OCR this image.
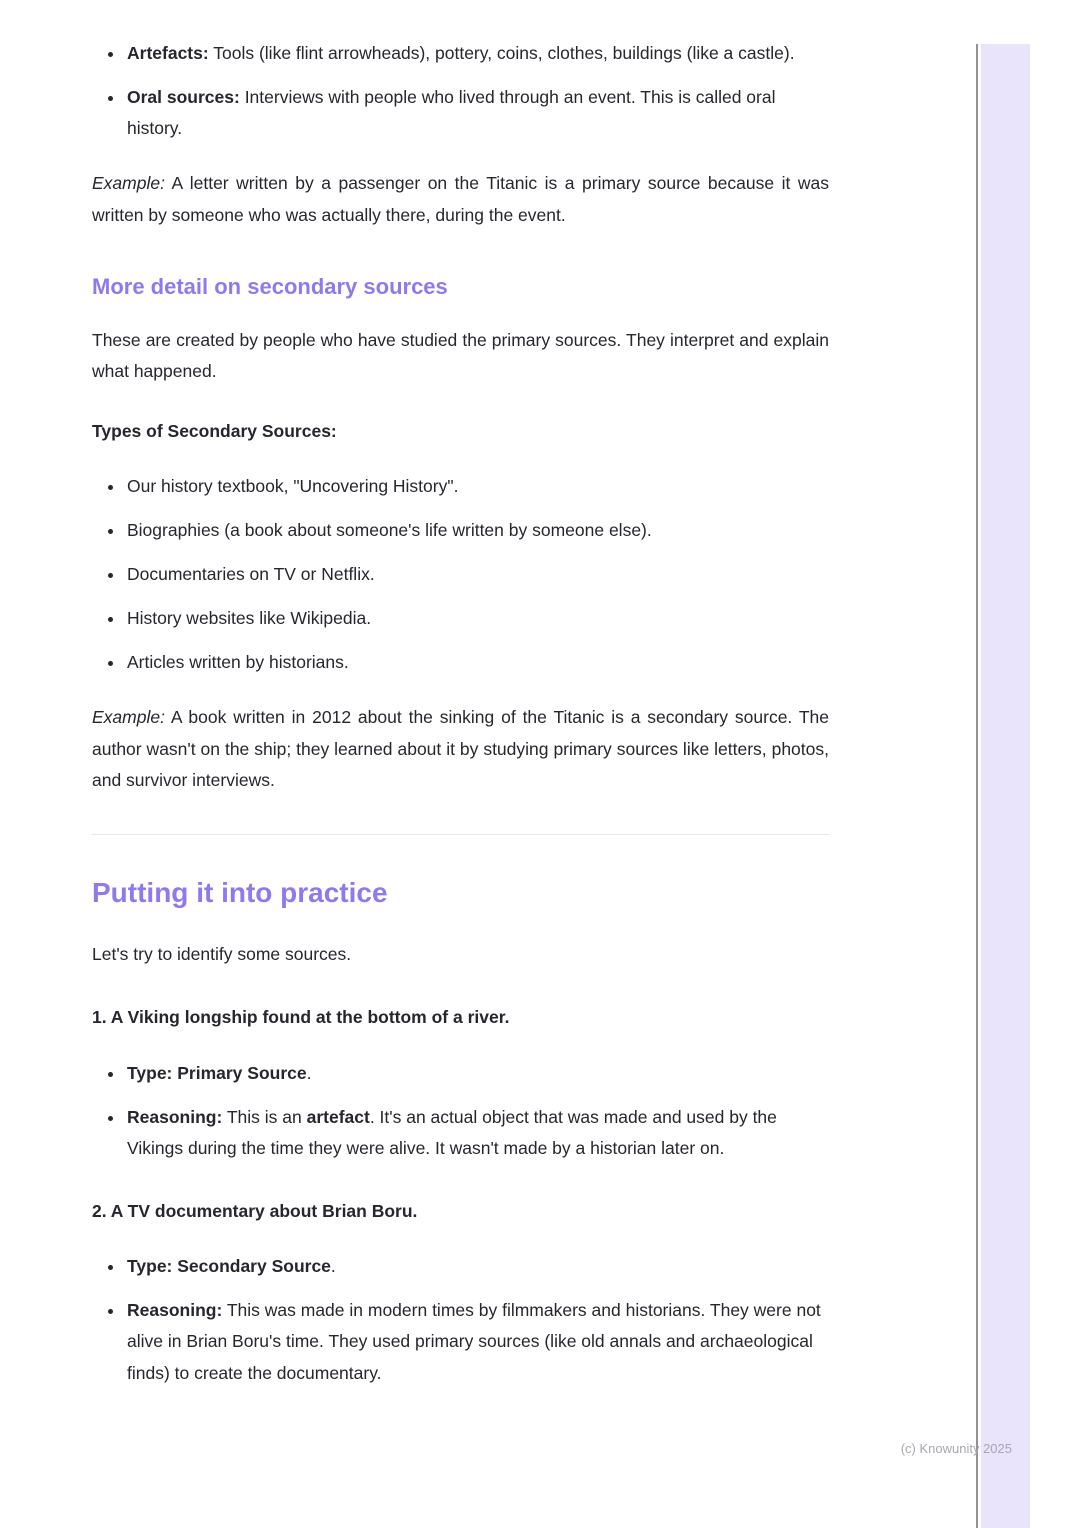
• Artefacts: Tools (like flint arrowheads), pottery, coins, clothes, buildings (like a castle).
• Oral sources: Interviews with people who lived through an event. This is called oral history.

Example: A letter written by a passenger on the Titanic is a primary source because it was written by someone who was actually there, during the event.

More detail on secondary sources

These are created by people who have studied the primary sources. They interpret and explain what happened.

Types of Secondary Sources:

• Our history textbook, "Uncovering History".
• Biographies (a book about someone's life written by someone else).
• Documentaries on TV or Netflix.
• History websites like Wikipedia.
• Articles written by historians.

Example: A book written in 2012 about the sinking of the Titanic is a secondary source. The author wasn't on the ship; they learned about it by studying primary sources like letters, photos, and survivor interviews.

Putting it into practice

Let's try to identify some sources.

1. A Viking longship found at the bottom of a river.

• Type: Primary Source.
• Reasoning: This is an artefact. It's an actual object that was made and used by the Vikings during the time they were alive. It wasn't made by a historian later on.

2. A TV documentary about Brian Boru.

• Type: Secondary Source.
• Reasoning: This was made in modern times by filmmakers and historians. They were not alive in Brian Boru's time. They used primary sources (like old annals and archaeological finds) to create the documentary.
(c) Knowunity 2025
